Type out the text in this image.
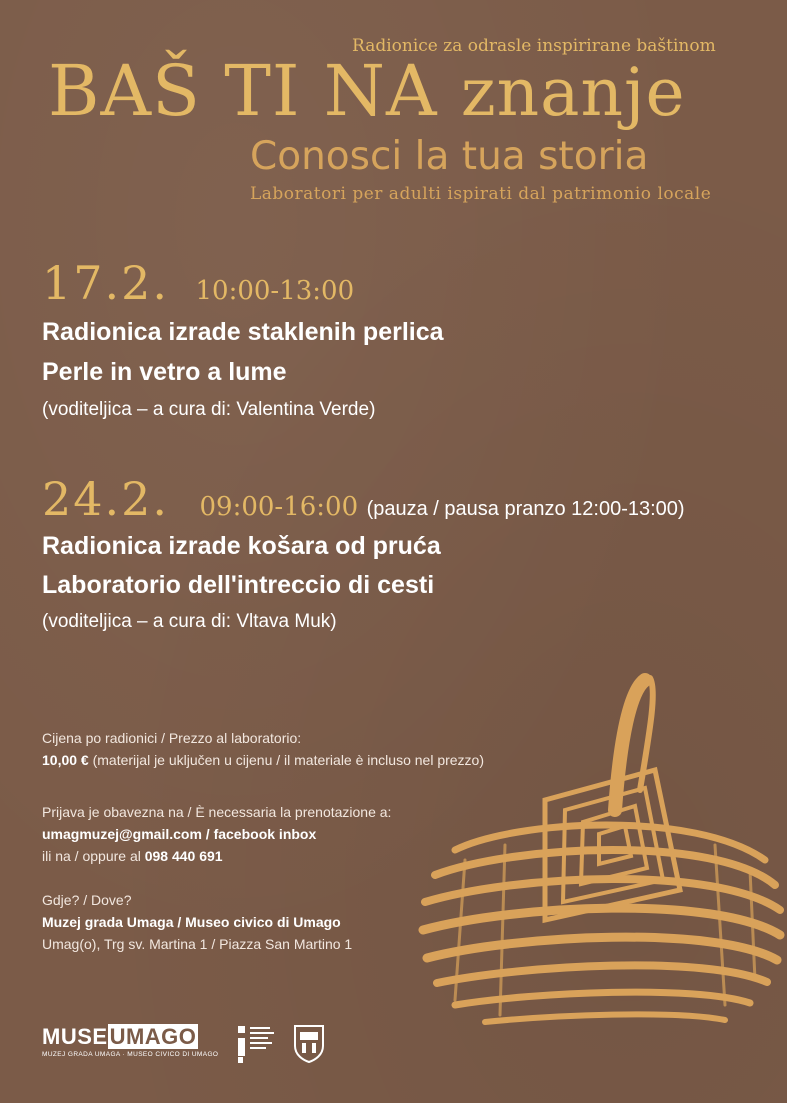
Radionice za odrasle inspirirane baštinom
BAŠ TI NA znanje
Conosci la tua storia
Laboratori per adulti ispirati dal patrimonio locale
17.2. 10:00-13:00
Radionica izrade staklenih perlica
Perle in vetro a lume
(voditeljica – a cura di: Valentina Verde)
24.2. 09:00-16:00 (pauza / pausa pranzo 12:00-13:00)
Radionica izrade košara od pruća
Laboratorio dell'intreccio di cesti
(voditeljica – a cura di: Vltava Muk)
Cijena po radionici / Prezzo al laboratorio:
10,00 € (materijal je uključen u cijenu / il materiale è incluso nel prezzo)
Prijava je obavezna na / È necessaria la prenotazione a:
umagmuzej@gmail.com / facebook inbox
ili na / oppure al 098 440 691
Gdje? / Dove?
Muzej grada Umaga / Museo civico di Umago
Umag(o), Trg sv. Martina 1 / Piazza San Martino 1
MUSEUMAGO
MUZEJ GRADA UMAGA · MUSEO CIVICO DI UMAGO
